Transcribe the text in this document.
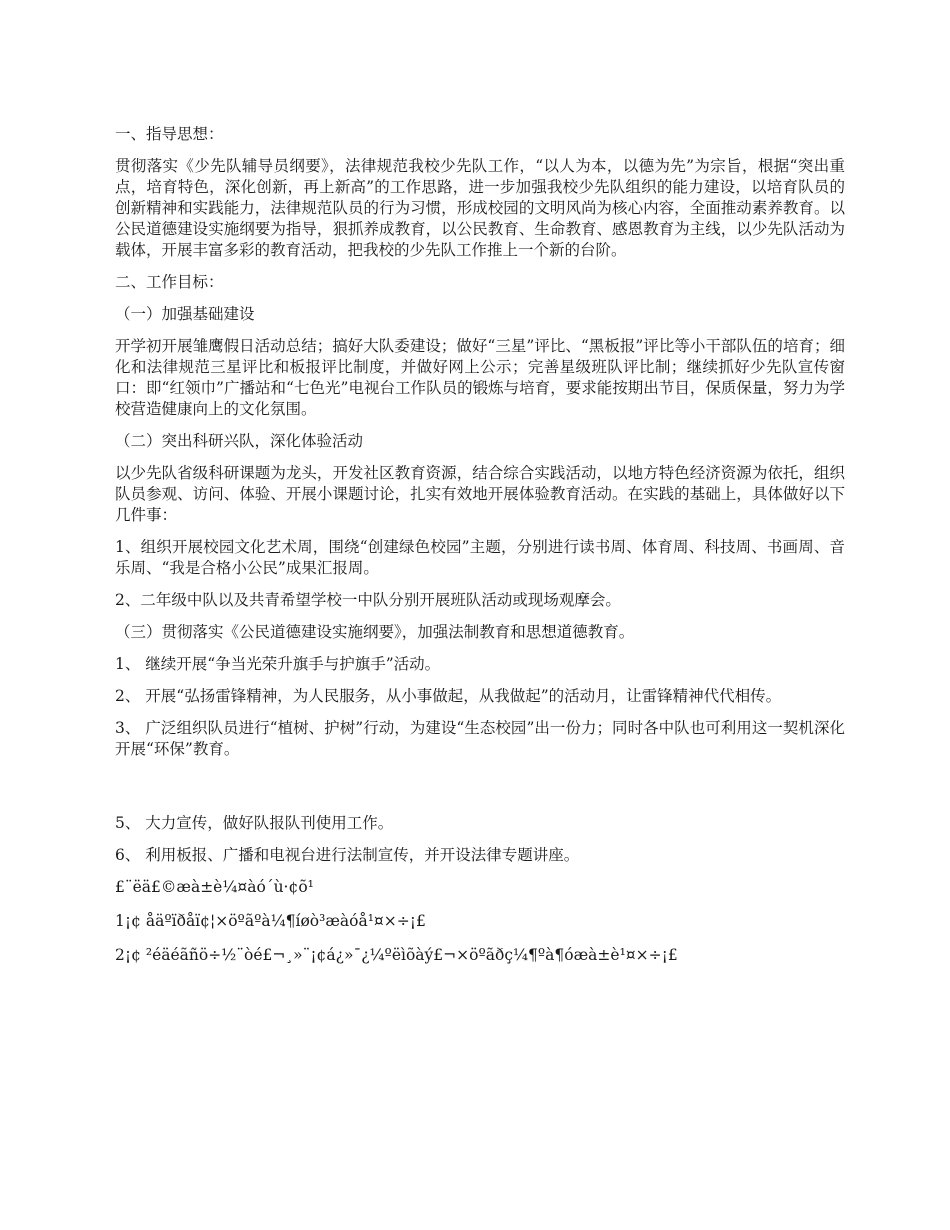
一、指导思想：

贯彻落实《少先队辅导员纲要》，法律规范我校少先队工作，“以人为本，以德为先”为宗旨，根据“突出重点，培育特色，深化创新，再上新高”的工作思路，进一步加强我校少先队组织的能力建设，以培育队员的创新精神和实践能力，法律规范队员的行为习惯，形成校园的文明风尚为核心内容，全面推动素养教育。以公民道德建设实施纲要为指导，狠抓养成教育，以公民教育、生命教育、感恩教育为主线，以少先队活动为载体，开展丰富多彩的教育活动，把我校的少先队工作推上一个新的台阶。

二、工作目标：

（一）加强基础建设

开学初开展雏鹰假日活动总结；搞好大队委建设；做好“三星”评比、“黑板报”评比等小干部队伍的培育；细化和法律规范三星评比和板报评比制度，并做好网上公示；完善星级班队评比制；继续抓好少先队宣传窗口：即“红领巾”广播站和“七色光”电视台工作队员的锻炼与培育，要求能按期出节目，保质保量，努力为学校营造健康向上的文化氛围。

（二）突出科研兴队，深化体验活动

以少先队省级科研课题为龙头，开发社区教育资源，结合综合实践活动，以地方特色经济资源为依托，组织队员参观、访问、体验、开展小课题讨论，扎实有效地开展体验教育活动。在实践的基础上，具体做好以下几件事：

1、组织开展校园文化艺术周，围绕“创建绿色校园”主题，分别进行读书周、体育周、科技周、书画周、音乐周、“我是合格小公民”成果汇报周。

2、二年级中队以及共青希望学校一中队分别开展班队活动或现场观摩会。

（三）贯彻落实《公民道德建设实施纲要》，加强法制教育和思想道德教育。

1、 继续开展“争当光荣升旗手与护旗手”活动。

2、 开展“弘扬雷锋精神，为人民服务，从小事做起，从我做起”的活动月，让雷锋精神代代相传。

3、 广泛组织队员进行“植树、护树”行动，为建设“生态校园”出一份力；同时各中队也可利用这一契机深化开展“环保”教育。

5、 大力宣传，做好队报队刊使用工作。

6、 利用板报、广播和电视台进行法制宣传，并开设法律专题讲座。

£¨ëä£©æà±è¼¤àó´ù·¢õ¹

1¡¢ åäºïðåï¢¦×öºãºà¼¶íøò³æàóå¹¤×÷¡£

2¡¢ ²éäéãñö÷½¨òé£¬¸»¨¡¢á¿»¯¿¼ºëìõàý£¬×öºãðç¼¶ºà¶óæà±è¹¤×÷¡£
